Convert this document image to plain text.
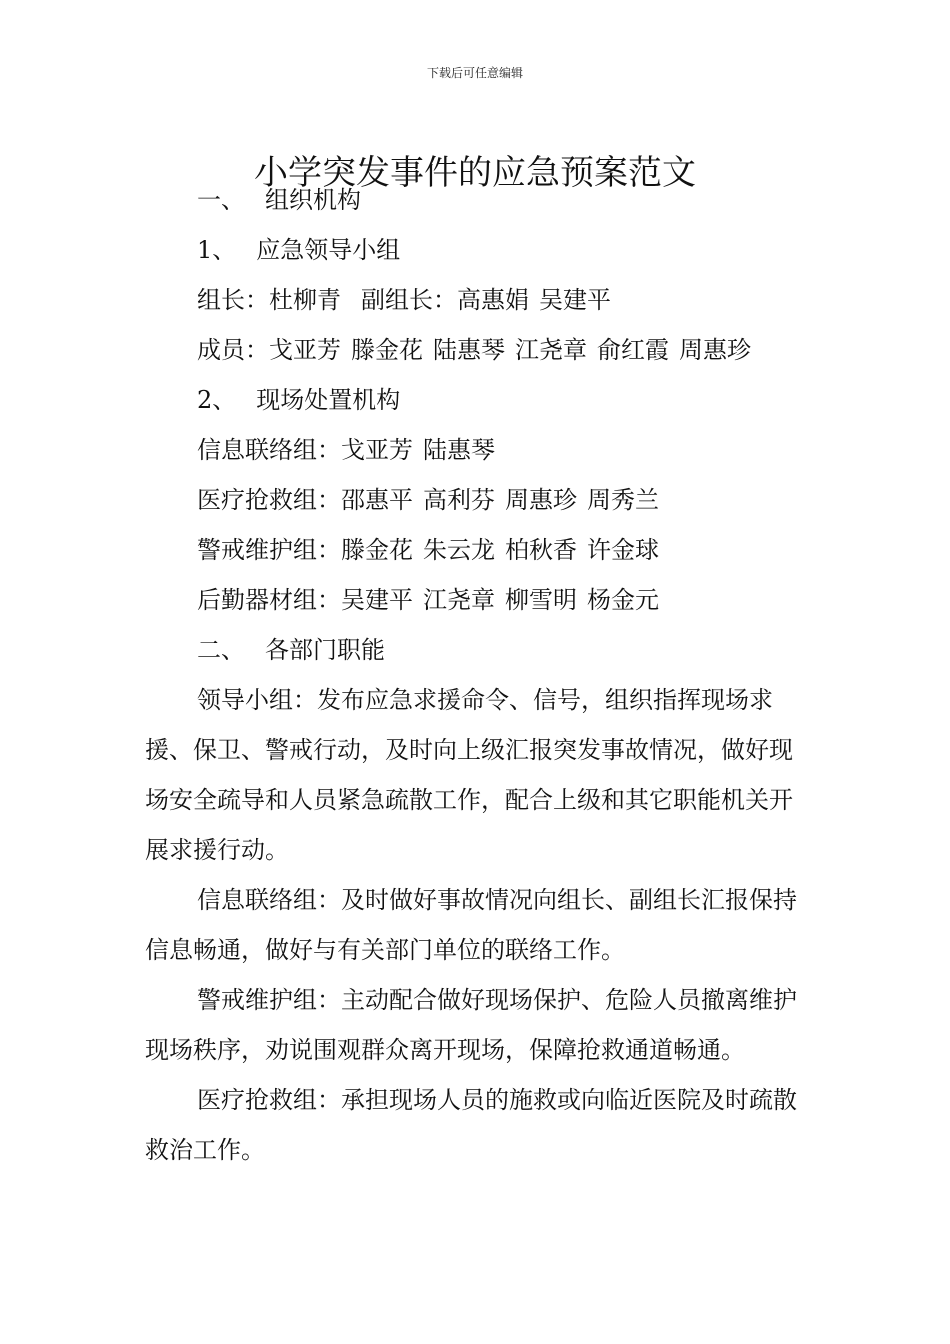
下载后可任意编辑
小学突发事件的应急预案范文

一、 组织机构

1、 应急领导小组

组长：杜柳青 副组长：高惠娟 吴建平

成员：戈亚芳 滕金花 陆惠琴 江尧章 俞红霞 周惠珍

2、 现场处置机构

信息联络组：戈亚芳 陆惠琴

医疗抢救组：邵惠平 高利芬 周惠珍 周秀兰

警戒维护组：滕金花 朱云龙 柏秋香 许金球

后勤器材组：吴建平 江尧章 柳雪明 杨金元

二、 各部门职能

领导小组：发布应急求援命令、信号，组织指挥现场求援、保卫、警戒行动，及时向上级汇报突发事故情况，做好现场安全疏导和人员紧急疏散工作，配合上级和其它职能机关开展求援行动。

信息联络组：及时做好事故情况向组长、副组长汇报保持信息畅通，做好与有关部门单位的联络工作。

警戒维护组：主动配合做好现场保护、危险人员撤离维护现场秩序，劝说围观群众离开现场，保障抢救通道畅通。

医疗抢救组：承担现场人员的施救或向临近医院及时疏散救治工作。
